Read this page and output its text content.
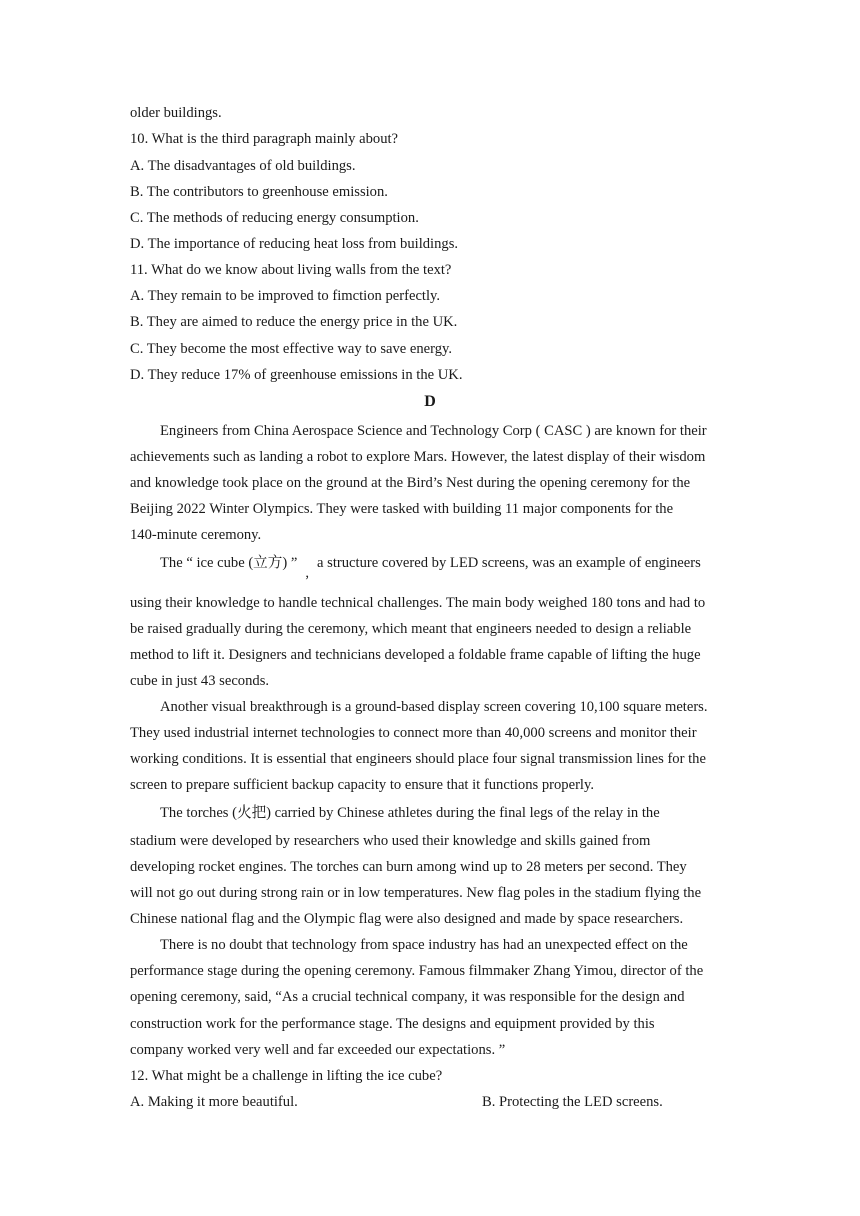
older buildings.
10. What is the third paragraph mainly about?
A. The disadvantages of old buildings.
B. The contributors to greenhouse emission.
C. The methods of reducing energy consumption.
D. The importance of reducing heat loss from buildings.
11. What do we know about living walls from the text?
A. They remain to be improved to fimction perfectly.
B. They are aimed to reduce the energy price in the UK.
C. They become the most effective way to save energy.
D. They reduce 17% of greenhouse emissions in the UK.
D
Engineers from China Aerospace Science and Technology Corp ( CASC ) are known for their
achievements such as landing a robot to explore Mars. However, the latest display of their wisdom
and knowledge took place on the ground at the Bird’s Nest during the opening ceremony for the
Beijing 2022 Winter Olympics. They were tasked with building 11 major components for the
140-minute ceremony.
The “ ice cube (立方) ”,a structure covered by LED screens, was an example of engineers
using their knowledge to handle technical challenges. The main body weighed 180 tons and had to
be raised gradually during the ceremony, which meant that engineers needed to design a reliable
method to lift it. Designers and technicians developed a foldable frame capable of lifting the huge
cube in just 43 seconds.
Another visual breakthrough is a ground-based display screen covering 10,100 square meters.
They used industrial internet technologies to connect more than 40,000 screens and monitor their
working conditions. It is essential that engineers should place four signal transmission lines for the
screen to prepare sufficient backup capacity to ensure that it functions properly.
The torches (火把) carried by Chinese athletes during the final legs of the relay in the
stadium were developed by researchers who used their knowledge and skills gained from
developing rocket engines. The torches can burn among wind up to 28 meters per second. They
will not go out during strong rain or in low temperatures. New flag poles in the stadium flying the
Chinese national flag and the Olympic flag were also designed and made by space researchers.
There is no doubt that technology from space industry has had an unexpected effect on the
performance stage during the opening ceremony. Famous filmmaker Zhang Yimou, director of the
opening ceremony, said, “As a crucial technical company, it was responsible for the design and
construction work for the performance stage. The designs and equipment provided by this
company worked very well and far exceeded our expectations. ”
12. What might be a challenge in lifting the ice cube?
A. Making it more beautiful.	B. Protecting the LED screens.
